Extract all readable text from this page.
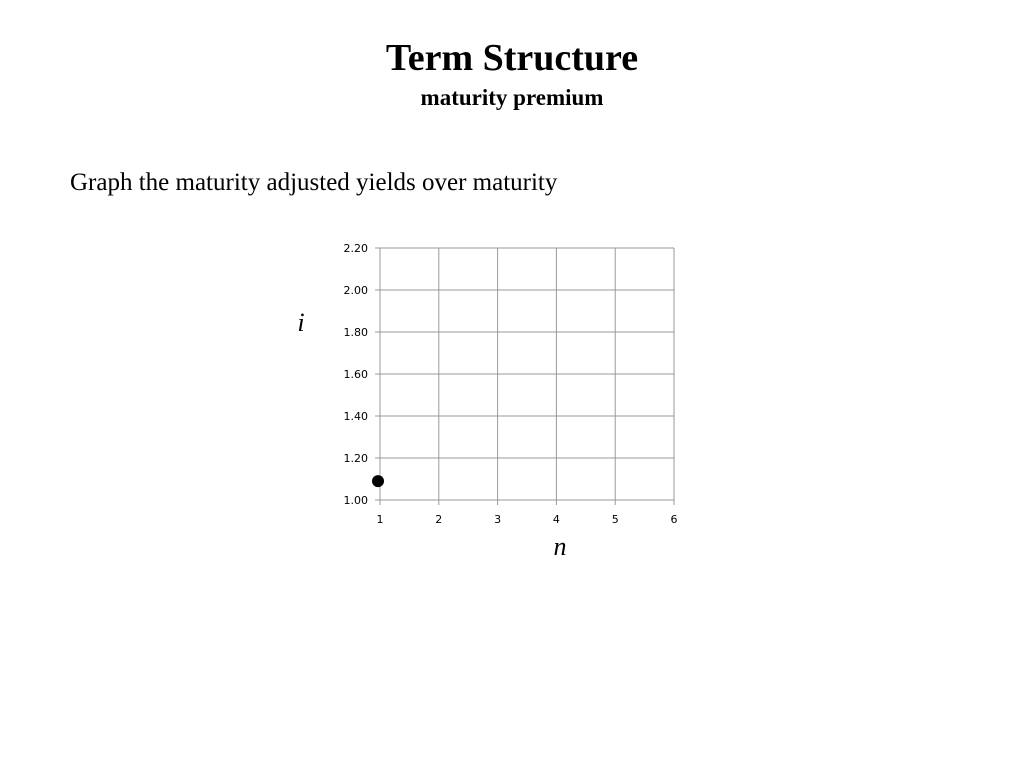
Term Structure
maturity premium
Graph the maturity adjusted yields over maturity
1.00
1.20
1.40
1.60
1.80
2.00
2.20
1	2	3	4	5	6
i
n
